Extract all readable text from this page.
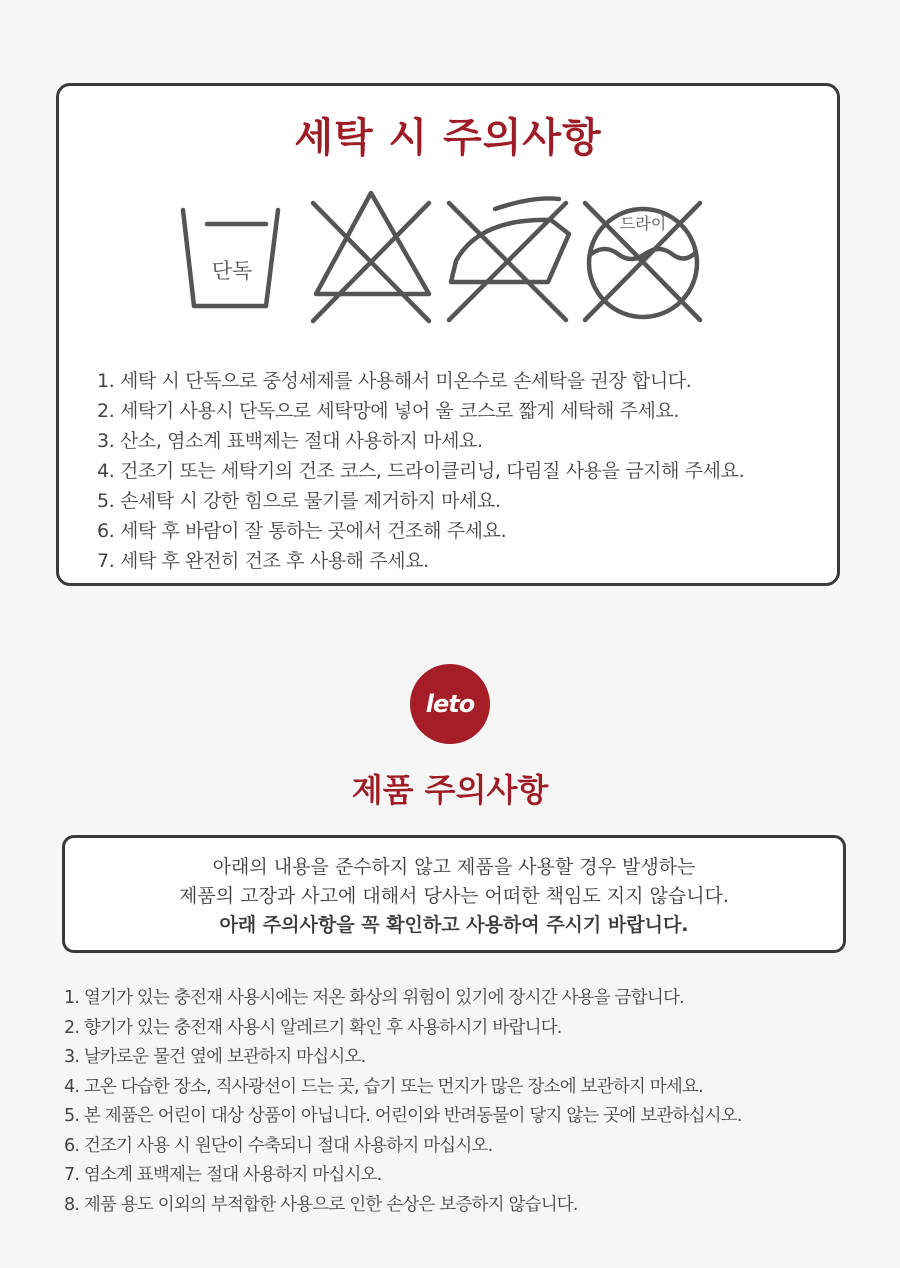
세탁 시 주의사항
단독
드라이
1. 세탁 시 단독으로 중성세제를 사용해서 미온수로 손세탁을 권장 합니다.
2. 세탁기 사용시 단독으로 세탁망에 넣어 울 코스로 짧게 세탁해 주세요.
3. 산소, 염소계 표백제는 절대 사용하지 마세요.
4. 건조기 또는 세탁기의 건조 코스, 드라이클리닝, 다림질 사용을 금지해 주세요.
5. 손세탁 시 강한 힘으로 물기를 제거하지 마세요.
6. 세탁 후 바람이 잘 통하는 곳에서 건조해 주세요.
7. 세탁 후 완전히 건조 후 사용해 주세요.
leto
제품 주의사항
아래의 내용을 준수하지 않고 제품을 사용할 경우 발생하는
제품의 고장과 사고에 대해서 당사는 어떠한 책임도 지지 않습니다.
아래 주의사항을 꼭 확인하고 사용하여 주시기 바랍니다.
1. 열기가 있는 충전재 사용시에는 저온 화상의 위험이 있기에 장시간 사용을 금합니다.
2. 향기가 있는 충전재 사용시 알레르기 확인 후 사용하시기 바랍니다.
3. 날카로운 물건 옆에 보관하지 마십시오.
4. 고온 다습한 장소, 직사광선이 드는 곳, 습기 또는 먼지가 많은 장소에 보관하지 마세요.
5. 본 제품은 어린이 대상 상품이 아닙니다. 어린이와 반려동물이 닿지 않는 곳에 보관하십시오.
6. 건조기 사용 시 원단이 수축되니 절대 사용하지 마십시오.
7. 염소계 표백제는 절대 사용하지 마십시오.
8. 제품 용도 이외의 부적합한 사용으로 인한 손상은 보증하지 않습니다.
